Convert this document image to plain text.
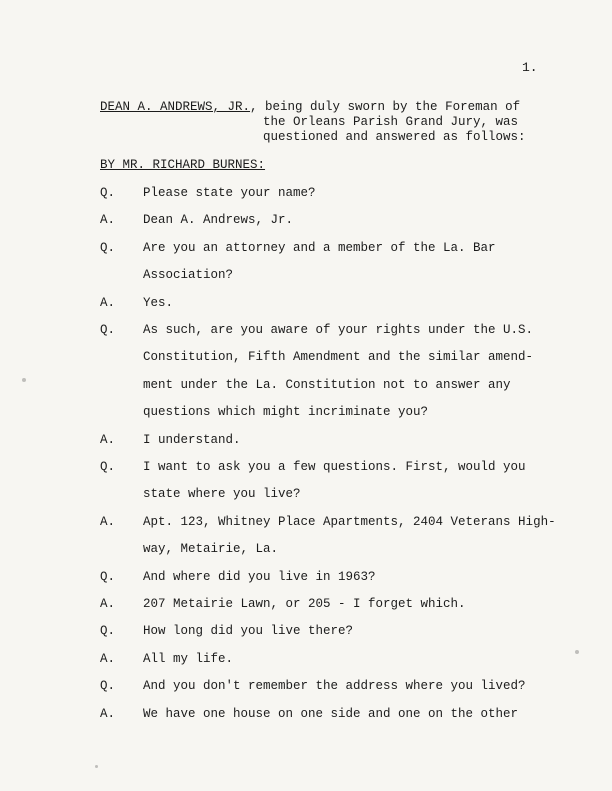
1.
DEAN A. ANDREWS, JR., being duly sworn by the Foreman of
the Orleans Parish Grand Jury, was
questioned and answered as follows:
BY MR. RICHARD BURNES:
Q. Please state your name?
A. Dean A. Andrews, Jr.
Q. Are you an attorney and a member of the La. Bar
Association?
A. Yes.
Q. As such, are you aware of your rights under the U.S.
Constitution, Fifth Amendment and the similar amend-
ment under the La. Constitution not to answer any
questions which might incriminate you?
A. I understand.
Q. I want to ask you a few questions. First, would you
state where you live?
A. Apt. 123, Whitney Place Apartments, 2404 Veterans High-
way, Metairie, La.
Q. And where did you live in 1963?
A. 207 Metairie Lawn, or 205 - I forget which.
Q. How long did you live there?
A. All my life.
Q. And you don't remember the address where you lived?
A. We have one house on one side and one on the other
